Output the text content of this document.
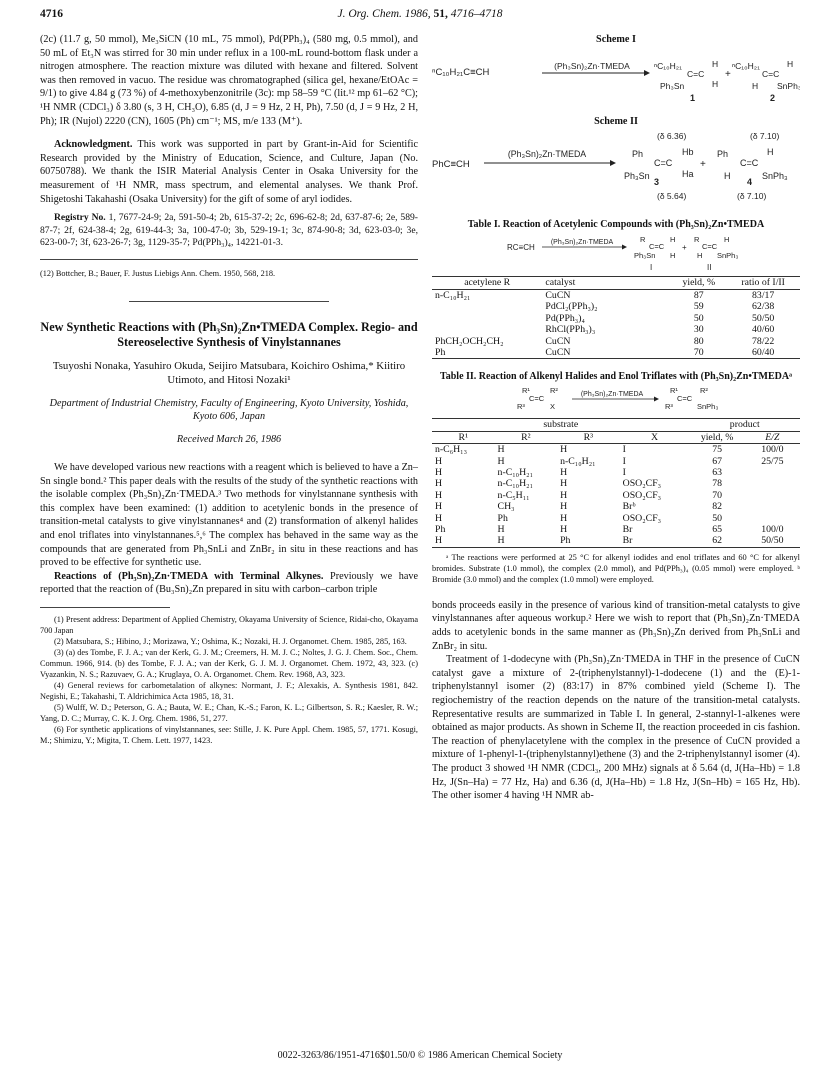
4716	J. Org. Chem. 1986, 51, 4716–4718

(2c) (11.7 g, 50 mmol), Me₃SiCN (10 mL, 75 mmol), Pd(PPh₃)₄ (580 mg, 0.5 mmol), and 50 mL of Et₃N was stirred for 30 min under reflux in a 100-mL round-bottom flask under a nitrogen atmosphere. The reaction mixture was diluted with hexane and filtered. Solvent was then removed in vacuo. The residue was chromatographed (silica gel, hexane/EtOAc = 9/1) to give 4.84 g (73 %) of 4-methoxybenzonitrile (3c): mp 58–59 °C (lit.¹² mp 61–62 °C); ¹H NMR (CDCl₃) δ 3.80 (s, 3 H, CH₃O), 6.85 (d, J = 9 Hz, 2 H, Ph), 7.50 (d, J = 9 Hz, 2 H, Ph); IR (Nujol) 2220 (CN), 1605 (Ph) cm⁻¹; MS, m/e 133 (M⁺).

Acknowledgment. This work was supported in part by Grant-in-Aid for Scientific Research provided by the Ministry of Education, Science, and Culture, Japan (No. 60750788). We thank the ISIR Material Analysis Center in Osaka University for the measurement of ¹H NMR, mass spectrum, and elemental analyses. We thank Prof. Shigetoshi Takahashi (Osaka University) for the gift of some of aryl iodides.

Registry No. 1, 7677-24-9; 2a, 591-50-4; 2b, 615-37-2; 2c, 696-62-8; 2d, 637-87-6; 2e, 589-87-7; 2f, 624-38-4; 2g, 619-44-3; 3a, 100-47-0; 3b, 529-19-1; 3c, 874-90-8; 3d, 623-03-0; 3e, 623-00-7; 3f, 623-26-7; 3g, 1129-35-7; Pd(PPh₃)₄, 14221-01-3.

(12) Bottcher, B.; Bauer, F. Justus Liebigs Ann. Chem. 1950, 568, 218.

New Synthetic Reactions with (Ph₃Sn)₂Zn•TMEDA Complex. Regio- and Stereoselective Synthesis of Vinylstannanes
Tsuyoshi Nonaka, Yasuhiro Okuda, Seijiro Matsubara, Koichiro Oshima,* Kiitiro Utimoto, and Hitosi Nozaki¹
Department of Industrial Chemistry, Faculty of Engineering, Kyoto University, Yoshida, Kyoto 606, Japan
Received March 26, 1986

We have developed various new reactions with a reagent which is believed to have a Zn–Sn single bond.² This paper deals with the results of the study of the synthetic reactions with the isolable complex (Ph₃Sn)₂Zn·TMEDA.³ Two methods for vinylstannane synthesis with this complex have been examined: (1) addition to acetylenic bonds in the presence of transition-metal catalysts to give vinylstannanes⁴ and (2) transformation of alkenyl halides and enol triflates into vinylstannanes.⁵,⁶ The complex has behaved in the same way as the compounds that are generated from Ph₃SnLi and ZnBr₂ in situ in these reactions and has proved to be effective for synthetic use.

Reactions of (Ph₃Sn)₂Zn·TMEDA with Terminal Alkynes. Previously we have reported that the reaction of (Bu₃Sn)₂Zn prepared in situ with carbon–carbon triple

(1) Present address: Department of Applied Chemistry, Okayama University of Science, Ridai-cho, Okayama 700 Japan

(2) Matsubara, S.; Hibino, J.; Morizawa, Y.; Oshima, K.; Nozaki, H. J. Organomet. Chem. 1985, 285, 163.

(3) (a) des Tombe, F. J. A.; van der Kerk, G. J. M.; Creemers, H. M. J. C.; Noltes, J. G. J. Chem. Soc., Chem. Commun. 1966, 914. (b) des Tombe, F. J. A.; van der Kerk, G. J. M. J. Organomet. Chem. 1972, 43, 323. (c) Vyazankin, N. S.; Razuvaev, G. A.; Kruglaya, O. A. Organomet. Chem. Rev. 1968, A3, 323.

(4) General reviews for carbometalation of alkynes: Normant, J. F.; Alexakis, A. Synthesis 1981, 842. Negishi, E.; Takahashi, T. Aldrichimica Acta 1985, 18, 31.

(5) Wulff, W. D.; Peterson, G. A.; Bauta, W. E.; Chan, K.-S.; Faron, K. L.; Gilbertson, S. R.; Kaesler, R. W.; Yang, D. C.; Murray, C. K. J. Org. Chem. 1986, 51, 277.

(6) For synthetic applications of vinylstannanes, see: Stille, J. K. Pure Appl. Chem. 1985, 57, 1771. Kosugi, M.; Shimizu, Y.; Migita, T. Chem. Lett. 1977, 1423.

Scheme I
ⁿC₁₀H₂₁C≡CH
(Ph₃Sn)₂Zn·TMEDA	ⁿC₁₀H₂₁
C=C
H
H
Ph₃Sn
+
ⁿC₁₀H₂₁
C=C
H
H SnPh₃
1	2
Scheme II
(δ 6.36)	(δ 7.10)
PhC≡CH
(Ph₃Sn)₂Zn·TMEDA	Ph
C=C
Hb
Ha
Ph₃Sn
+
Ph
C=C
H
H	SnPh₃
3	4
(δ 5.64)	(δ 7.10)
Table I. Reaction of Acetylenic Compounds with (Ph₃Sn)₂Zn•TMEDA
RC≡CH
(Ph₃Sn)₂Zn·TMEDA	R
C=C
H
Ph₃Sn H
+
R
C=C
H
H SnPh₃
I	II
acetylene R	catalyst	yield, %	ratio of I/II
n-C₁₀H₂₁	CuCN	87	83/17
	PdCl₂(PPh₃)₂	59	62/38
	Pd(PPh₃)₄	50	50/50
	RhCl(PPh₃)₃	30	40/60
PhCH₂OCH₂CH₂	CuCN	80	78/22
Ph	CuCN	70	60/40
Table II. Reaction of Alkenyl Halides and Enol Triflates with (Ph₃Sn)₂Zn•TMEDAᵃ
R¹
C=C
R²
R³	X
(Ph₃Sn)₂Zn·TMEDA	R¹
C=C
R²
R³	SnPh₃
substrate				product	
R¹	R²	R³	X	yield, %	E/Z
n-C₆H₁₃	H	H	I	75	100/0
H	H	n-C₁₀H₂₁	I	67	25/75
H	n-C₁₀H₂₁	H	I	63	
H	n-C₁₀H₂₁	H	OSO₂CF₃	78	
H	n-C₅H₁₁	H	OSO₂CF₃	70	
H	CH₃	H	Brᵇ	82	
H	Ph	H	OSO₂CF₃	50	
Ph	H	H	Br	65	100/0
H	H	Ph	Br	62	50/50

ᵃ The reactions were performed at 25 °C for alkenyl iodides and enol triflates and 60 °C for alkenyl bromides. Substrate (1.0 mmol), the complex (2.0 mmol), and Pd(PPh₃)₄ (0.05 mmol) were employed. ᵇ Bromide (3.0 mmol) and the complex (1.0 mmol) were employed.

bonds proceeds easily in the presence of various kind of transition-metal catalysts to give vinylstannanes after aqueous workup.² Here we wish to report that (Ph₃Sn)₂Zn·TMEDA adds to acetylenic bonds in the same manner as (Ph₃Sn)₂Zn derived from Ph₃SnLi and ZnBr₂ in situ.

Treatment of 1-dodecyne with (Ph₃Sn)₂Zn·TMEDA in THF in the presence of CuCN catalyst gave a mixture of 2-(triphenylstannyl)-1-dodecene (1) and the (E)-1-triphenylstannyl isomer (2) (83:17) in 87% combined yield (Scheme I). The regiochemistry of the reaction depends on the nature of the transition-metal catalysts. Representative results are summarized in Table I. In general, 2-stannyl-1-alkenes were obtained as major products. As shown in Scheme II, the reaction proceeded in cis fashion. The reaction of phenylacetylene with the complex in the presence of CuCN provided a mixture of 1-phenyl-1-(triphenylstannyl)ethene (3) and the 2-triphenylstannyl isomer (4). The product 3 showed ¹H NMR (CDCl₃, 200 MHz) signals at δ 5.64 (d, J(Ha–Hb) = 1.8 Hz, J(Sn–Ha) = 77 Hz, Ha) and 6.36 (d, J(Ha–Hb) = 1.8 Hz, J(Sn–Hb) = 165 Hz, Hb). The other isomer 4 having ¹H NMR ab-

0022-3263/86/1951-4716$01.50/0 © 1986 American Chemical Society
